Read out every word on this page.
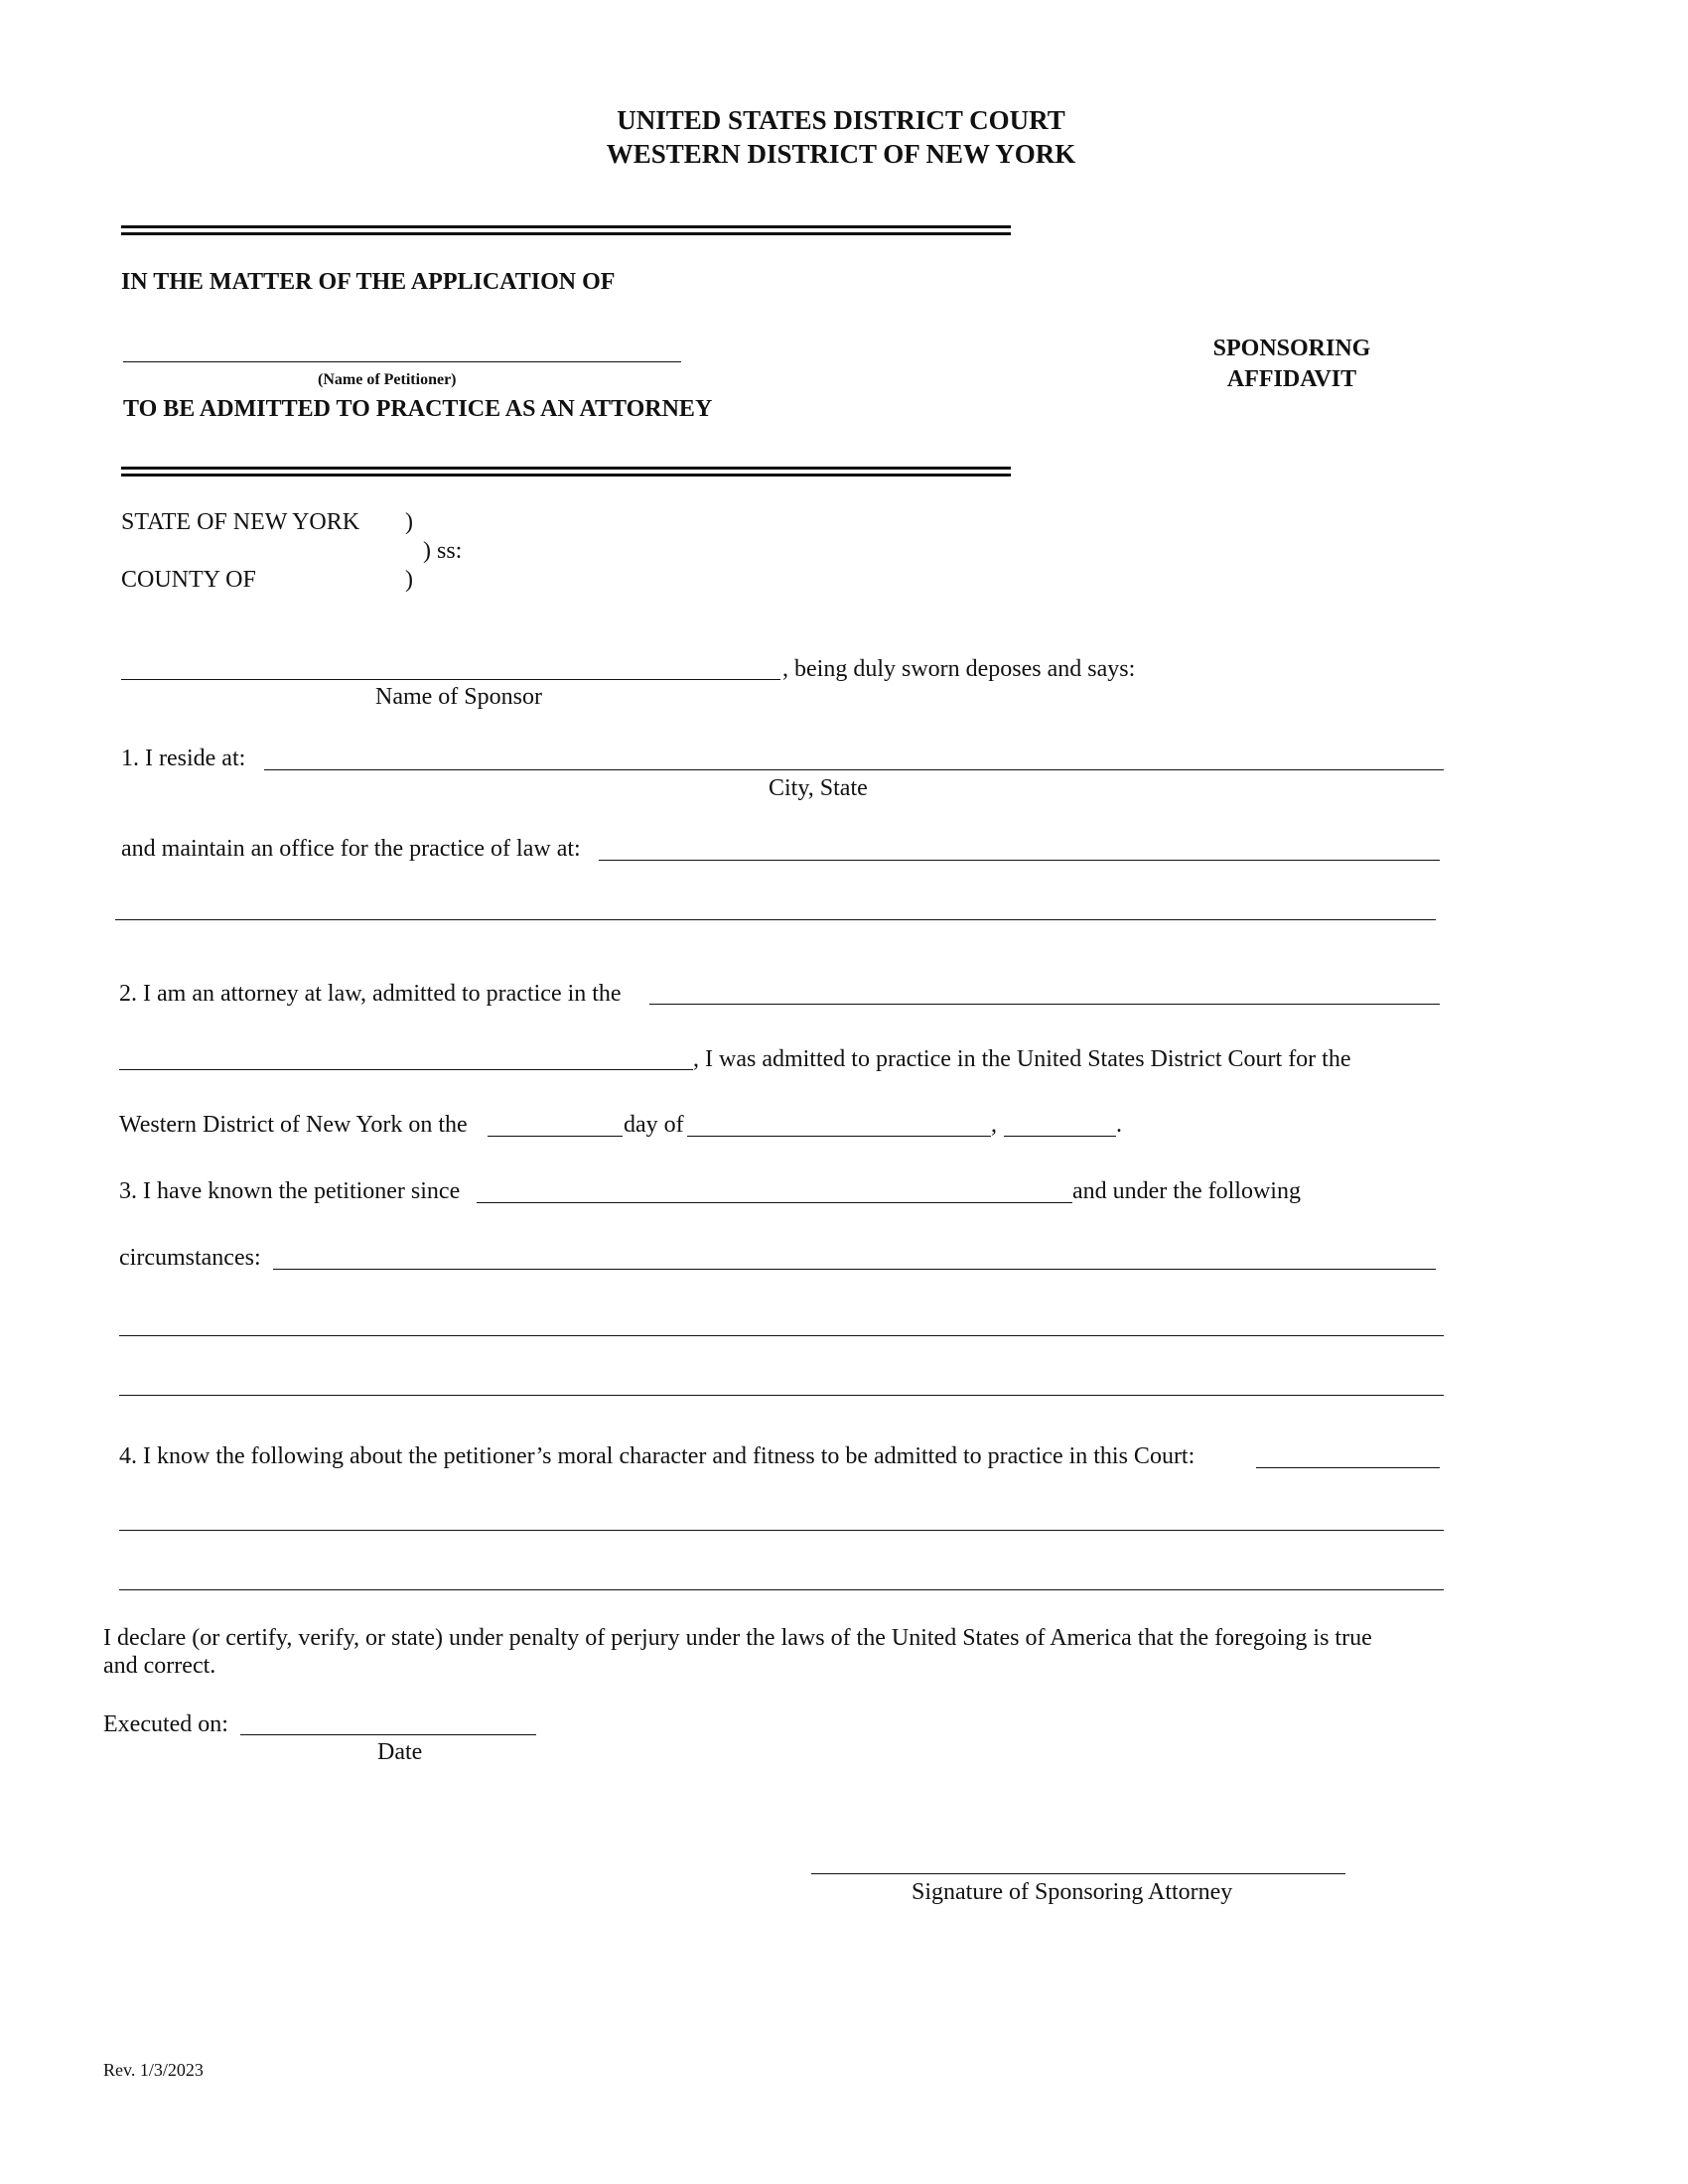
UNITED STATES DISTRICT COURT
WESTERN DISTRICT OF NEW YORK
IN THE MATTER OF THE APPLICATION OF
(Name of Petitioner)
TO BE ADMITTED TO PRACTICE AS AN ATTORNEY
SPONSORING
AFFIDAVIT
STATE OF NEW YORK )
) ss:
COUNTY OF	)
, being duly sworn deposes and says:
Name of Sponsor
1. I reside at:
City, State
and maintain an office for the practice of law at:
2. I am an attorney at law, admitted to practice in the
, I was admitted to practice in the United States District Court for the
Western District of New York on the	day of	,	.
3. I have known the petitioner since	and under the following
circumstances:
4. I know the following about the petitioner’s moral character and fitness to be admitted to practice in this Court:
I declare (or certify, verify, or state) under penalty of perjury under the laws of the United States of America that the foregoing is true
and correct.
Executed on:
Date
Signature of Sponsoring Attorney
Rev. 1/3/2023
